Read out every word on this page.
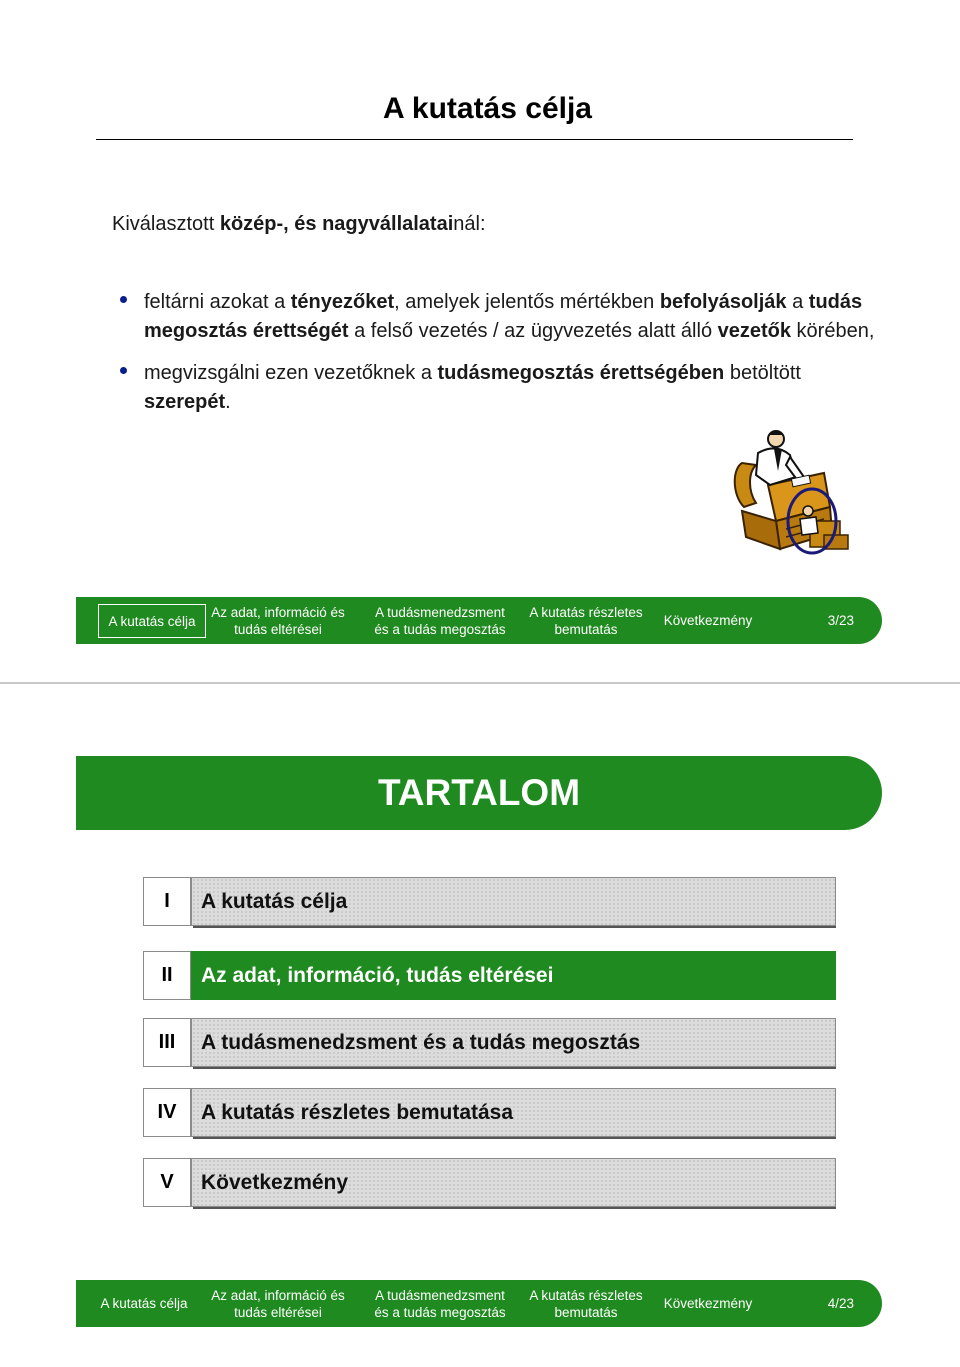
A kutatás célja
Kiválasztott közép-, és nagyvállalatainál:
feltárni azokat a tényezőket, amelyek jelentős mértékben befolyásolják a tudás megosztás érettségét a felső vezetés / az ügyvezetés alatt álló vezetők körében,
megvizsgálni ezen vezetőknek a tudásmegosztás érettségében betöltött szerepét.
A kutatás célja
Az adat, információ és
tudás eltérései
A tudásmenedzsment
és a tudás megosztás
A kutatás részletes
bemutatás
Következmény	3/23
TARTALOM
I	A kutatás célja
II	Az adat, információ, tudás eltérései
III	A tudásmenedzsment és a tudás megosztás
IV	A kutatás részletes bemutatása
V	Következmény
A kutatás célja
Az adat, információ és
tudás eltérései
A tudásmenedzsment
és a tudás megosztás
A kutatás részletes
bemutatás
Következmény	4/23
